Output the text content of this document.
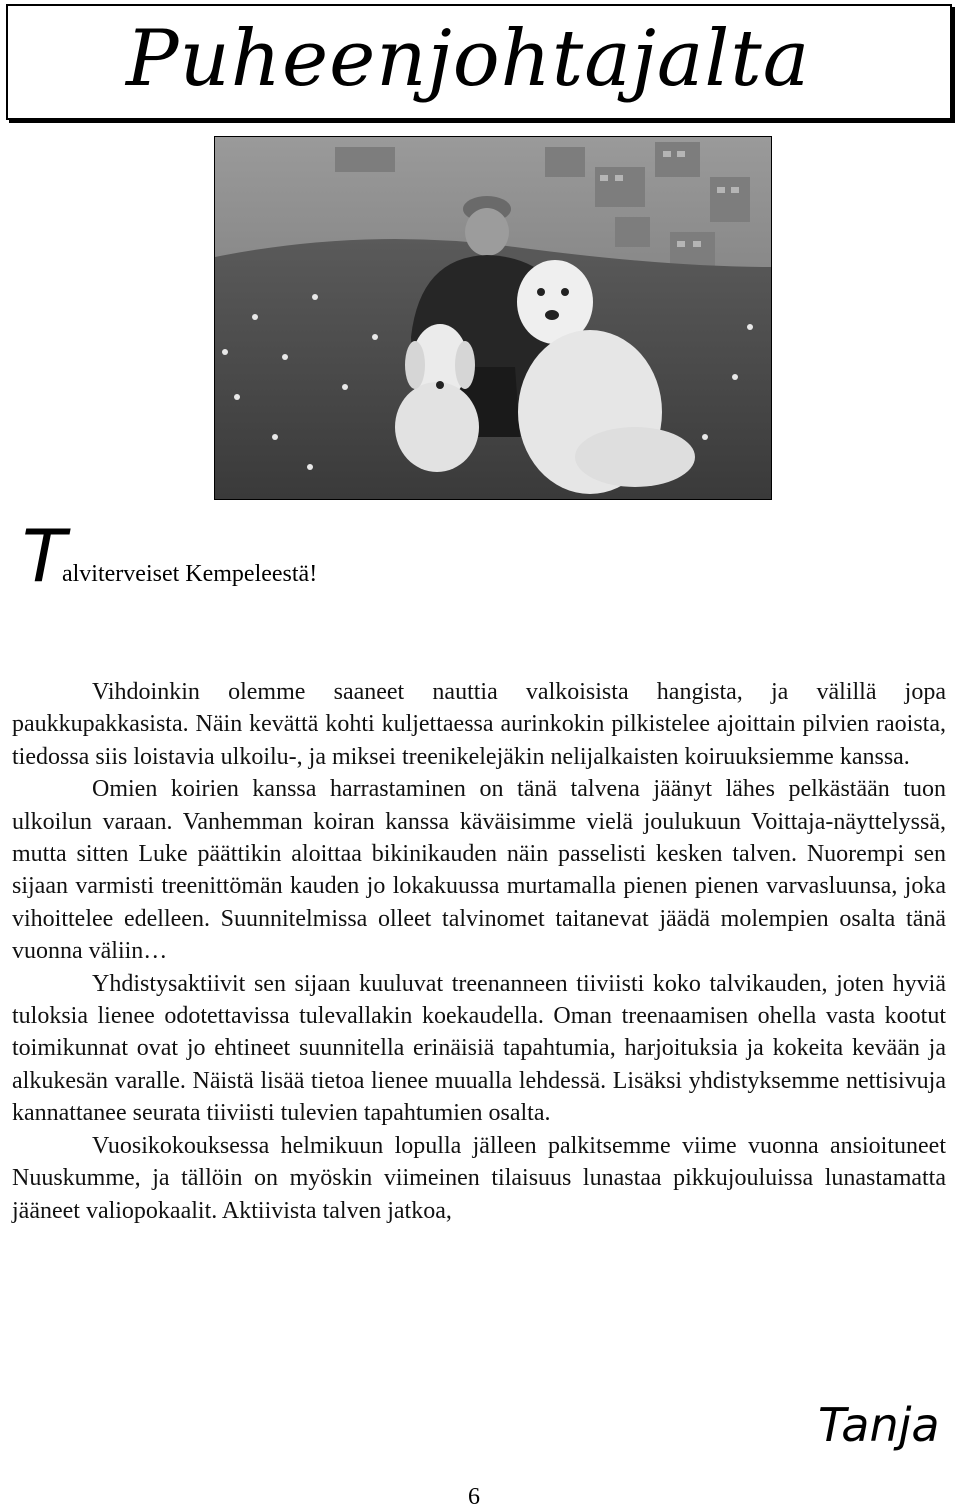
Puheenjohtajalta
Talviterveiset Kempeleestä!

Vihdoinkin olemme saaneet nauttia valkoisista hangista, ja välillä jopa paukkupakkasista. Näin kevättä kohti kuljettaessa aurinkokin pilkistelee ajoittain pilvien raoista, tiedossa siis loistavia ulkoilu-, ja miksei treenikelejäkin nelijalkaisten koiruuksiemme kanssa.

Omien koirien kanssa harrastaminen on tänä talvena jäänyt lähes pelkästään tuon ulkoilun varaan. Vanhemman koiran kanssa käväisimme vielä joulukuun Voittaja-näyttelyssä, mutta sitten Luke päättikin aloittaa bikinikauden näin passelisti kesken talven. Nuorempi sen sijaan varmisti treenittömän kauden jo lokakuussa murtamalla pienen pienen varvasluunsa, joka vihoittelee edelleen. Suunnitelmissa olleet talvinomet taitanevat jäädä molempien osalta tänä vuonna väliin…

Yhdistysaktiivit sen sijaan kuuluvat treenanneen tiiviisti koko talvikauden, joten hyviä tuloksia lienee odotettavissa tulevallakin koekaudella. Oman treenaamisen ohella vasta kootut toimikunnat ovat jo ehtineet suunnitella erinäisiä tapahtumia, harjoituksia ja kokeita kevään ja alkukesän varalle. Näistä lisää tietoa lienee muualla lehdessä. Lisäksi yhdistyksemme nettisivuja kannattanee seurata tiiviisti tulevien tapahtumien osalta.

Vuosikokouksessa helmikuun lopulla jälleen palkitsemme viime vuonna ansioituneet Nuuskumme, ja tällöin on myöskin viimeinen tilaisuus lunastaa pikkujouluissa lunastamatta jääneet valiopokaalit. Aktiivista talven jatkoa,

Tanja
6
